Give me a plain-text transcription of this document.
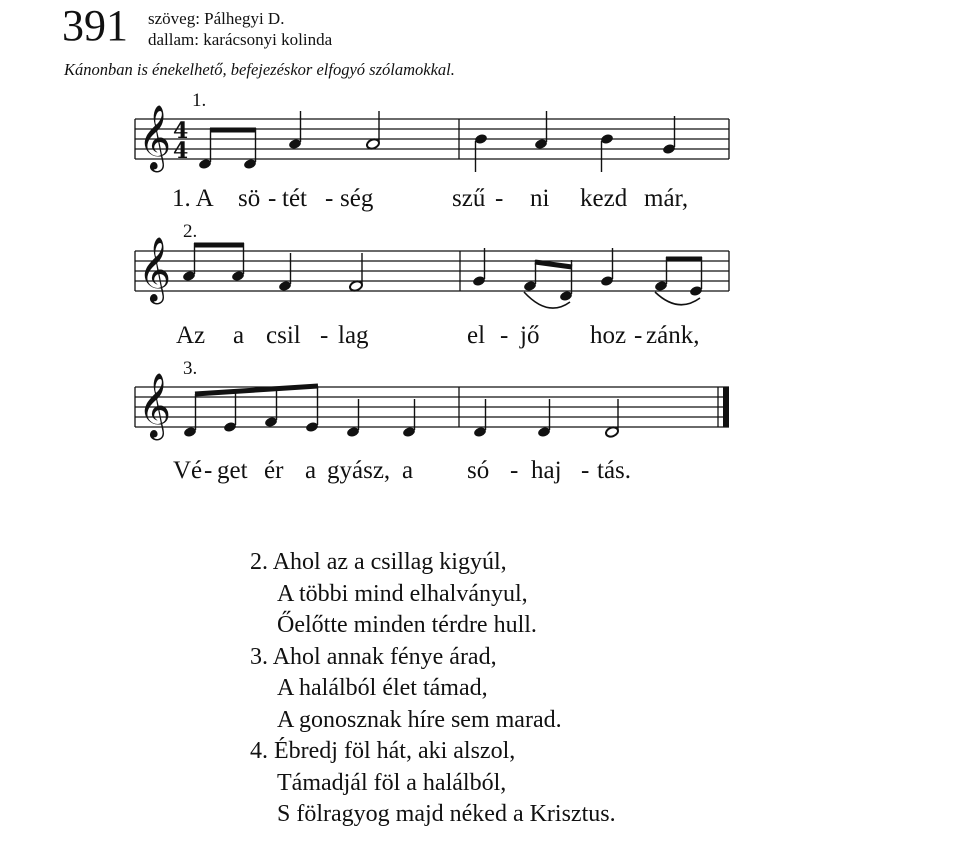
391 szöveg: Pálhegyi D.
dallam: karácsonyi kolinda
Kánonban is énekelhető, befejezéskor elfogyó szólamokkal.
𝄞 4
4
1.
1. A sö - tét - ség	szű - ni kezd már,
𝄞
2.
Az a csil - lag	el - jő hoz - zánk,
𝄞
3.
Vé - get ér a gyász, a só - haj - tás.
2. Ahol az a csillag kigyúl,
A többi mind elhalványul,
Őelőtte minden térdre hull.
3. Ahol annak fénye árad,
A halálból élet támad,
A gonosznak híre sem marad.
4. Ébredj föl hát, aki alszol,
Támadjál föl a halálból,
S fölragyog majd néked a Krisztus.
